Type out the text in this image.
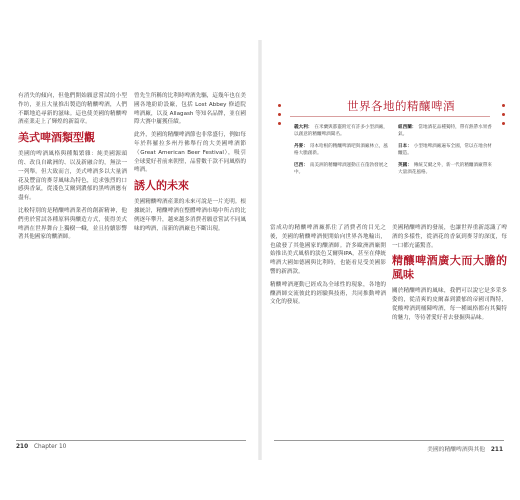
有消失的傾向，但他們開始願意嘗試的小型作坊，並且大量推出製造的精釀啤酒，人們不斷地追尋新的滋味。這也使美國的精釀啤酒產業走上了輝煌的新篇章。

美式啤酒類型觀

美國的啤酒風格與種類繁雜：純美國源頭的、改良自歐洲的、以及新融合的，無法一一列舉。但大致而言，美式啤酒多以大量酒花及豐富的麥芽風味為特色，追求強烈的口感與香氣，從淺色艾爾到濃郁的黑啤酒應有盡有。

比較特別的是精釀啤酒業者的創新精神，他們勇於嘗試各種原料與釀造方式，使得美式啤酒在世界舞台上獨樹一幟，並且持續影響著其他國家的釀酒師。

曾先生所稱的比利時啤酒先驅，這幾年也在美國各地紛紛設廠，包括 Lost Abbey 修道院啤酒廠，以及 Allagash 等知名品牌，並在國際大賽中屢獲佳績。

此外，美國的精釀啤酒節也非常盛行，例如每年於科羅拉多州丹佛舉行的大美國啤酒節（Great American Beer Festival），吸引全球愛好者前來朝聖，品嘗數千款不同風格的啤酒。

誘人的未來

美國精釀啤酒產業的未來可說是一片光明。根據統計，精釀啤酒在整體啤酒市場中所占的比例逐年攀升，越來越多消費者願意嘗試不同風味的啤酒，而新的酒廠也不斷出現。

210 Chapter 10
世界各地的精釀啤酒
義大利： 在米蘭與都靈附近有許多小型酒廠，以創意的精釀啤酒聞名。
丹麥： 哥本哈根的精釀啤酒吧與酒廠林立，風格大膽創新。
巴西： 南美洲的精釀啤酒運動正在蓬勃發展之中。
紐西蘭： 當地酒花品種獨特，帶有熱帶水果香氣。
日本： 小型地啤酒廠遍布全國，常以在地食材釀造。
英國： 傳統艾爾之外，新一代的精釀酒廠帶來大量酒花風格。

當成功的精釀啤酒廠抓住了消費者的目光之後，美國的精釀啤酒便開始向世界各地輸出，也啟發了其他國家的釀酒師。許多歐洲酒廠開始推出美式風格的淡色艾爾與IPA，甚至在傳統啤酒大國如德國與比利時，也能看見受美國影響的新酒款。

精釀啤酒運動已經成為全球性的現象，各地的釀酒師交流彼此的經驗與技術，共同推動啤酒文化的發展。

美國精釀啤酒的發展，也讓世界重新認識了啤酒的多樣性，從酒花的香氣到麥芽的深度，每一口都充滿驚喜。

精釀啤酒廣大而大膽的風味

關於精釀啤酒的風味，我們可以說它是多采多姿的，從清爽的皮爾森到濃郁的帝國司陶特，從酸啤酒到桶陳啤酒，每一種風格都有其獨特的魅力，等待著愛好者去發掘與品味。

美國的精釀啤酒與其他 211
